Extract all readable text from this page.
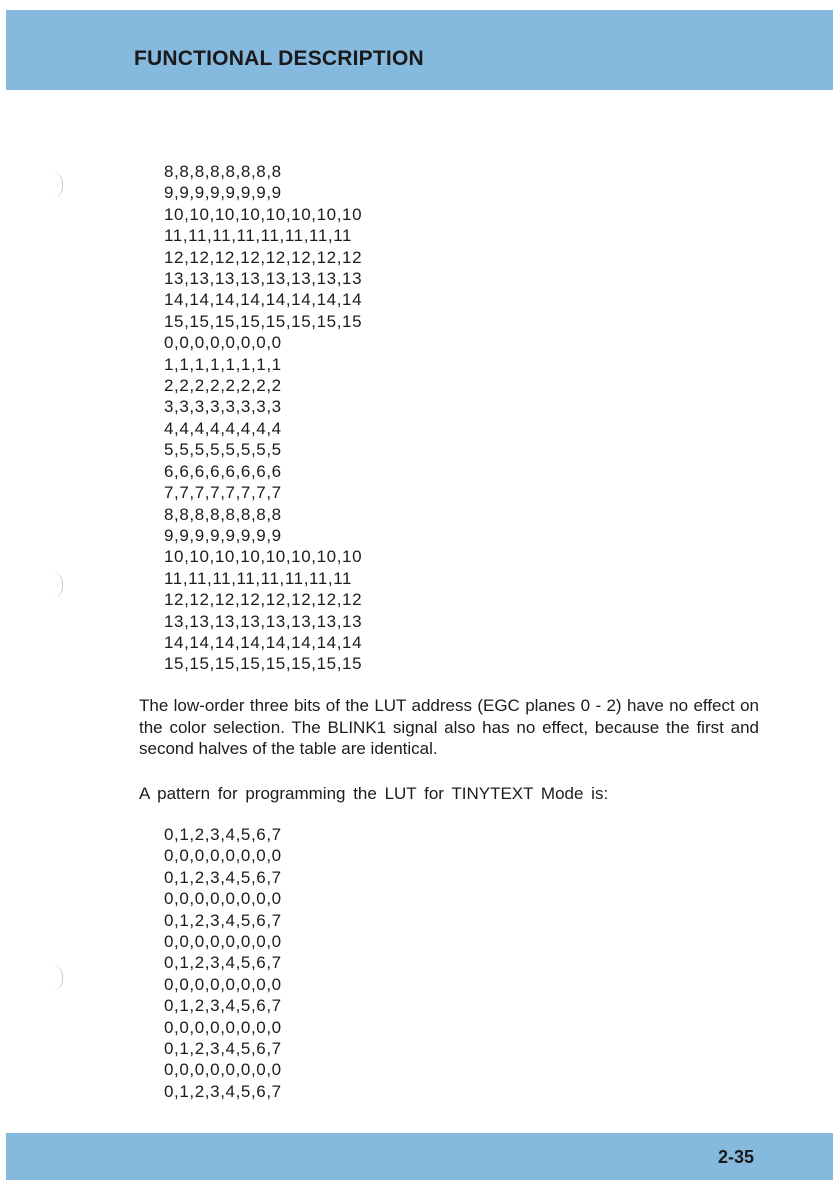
FUNCTIONAL DESCRIPTION
8,8,8,8,8,8,8,8
9,9,9,9,9,9,9,9
10,10,10,10,10,10,10,10
11,11,11,11,11,11,11,11
12,12,12,12,12,12,12,12
13,13,13,13,13,13,13,13
14,14,14,14,14,14,14,14
15,15,15,15,15,15,15,15
0,0,0,0,0,0,0,0
1,1,1,1,1,1,1,1
2,2,2,2,2,2,2,2
3,3,3,3,3,3,3,3
4,4,4,4,4,4,4,4
5,5,5,5,5,5,5,5
6,6,6,6,6,6,6,6
7,7,7,7,7,7,7,7
8,8,8,8,8,8,8,8
9,9,9,9,9,9,9,9
10,10,10,10,10,10,10,10
11,11,11,11,11,11,11,11
12,12,12,12,12,12,12,12
13,13,13,13,13,13,13,13
14,14,14,14,14,14,14,14
15,15,15,15,15,15,15,15

The low-order three bits of the LUT address (EGC planes 0 - 2) have no effect on the color selection. The BLINK1 signal also has no effect, because the first and second halves of the table are identical.

A pattern for programming the LUT for TINYTEXT Mode is:

0,1,2,3,4,5,6,7
0,0,0,0,0,0,0,0
0,1,2,3,4,5,6,7
0,0,0,0,0,0,0,0
0,1,2,3,4,5,6,7
0,0,0,0,0,0,0,0
0,1,2,3,4,5,6,7
0,0,0,0,0,0,0,0
0,1,2,3,4,5,6,7
0,0,0,0,0,0,0,0
0,1,2,3,4,5,6,7
0,0,0,0,0,0,0,0
0,1,2,3,4,5,6,7
2-35
